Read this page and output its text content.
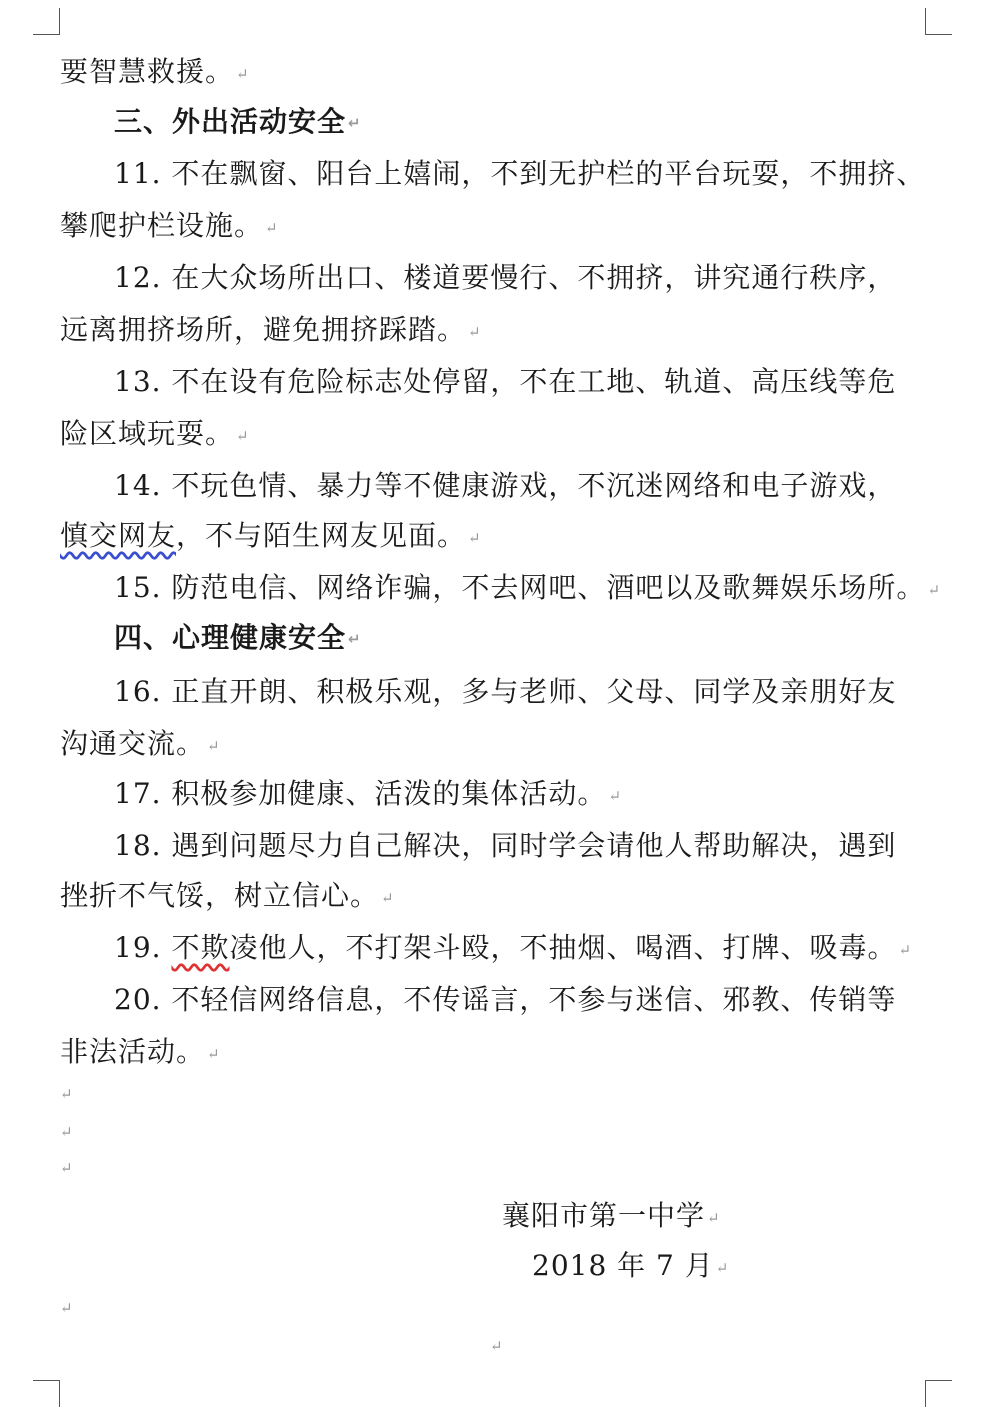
要智慧救援。 ↵
三、外出活动安全 ↵
11. 不在飘窗、阳台上嬉闹，不到无护栏的平台玩耍，不拥挤、
攀爬护栏设施。 ↵
12. 在大众场所出口、楼道要慢行、不拥挤，讲究通行秩序，
远离拥挤场所，避免拥挤踩踏。 ↵
13. 不在设有危险标志处停留，不在工地、轨道、高压线等危
险区域玩耍。 ↵
14. 不玩色情、暴力等不健康游戏，不沉迷网络和电子游戏，
慎交网友，不与陌生网友见面。 ↵
15. 防范电信、网络诈骗，不去网吧、酒吧以及歌舞娱乐场所。 ↵
四、心理健康安全 ↵
16. 正直开朗、积极乐观，多与老师、父母、同学及亲朋好友
沟通交流。 ↵
17. 积极参加健康、活泼的集体活动。 ↵
18. 遇到问题尽力自己解决，同时学会请他人帮助解决，遇到
挫折不气馁，树立信心。 ↵
19. 不欺凌他人，不打架斗殴，不抽烟、喝酒、打牌、吸毒。 ↵
20. 不轻信网络信息，不传谣言，不参与迷信、邪教、传销等
非法活动。 ↵
↵
↵
↵
襄阳市第一中学 ↵
2018 年 7 月 ↵
↵
↵
